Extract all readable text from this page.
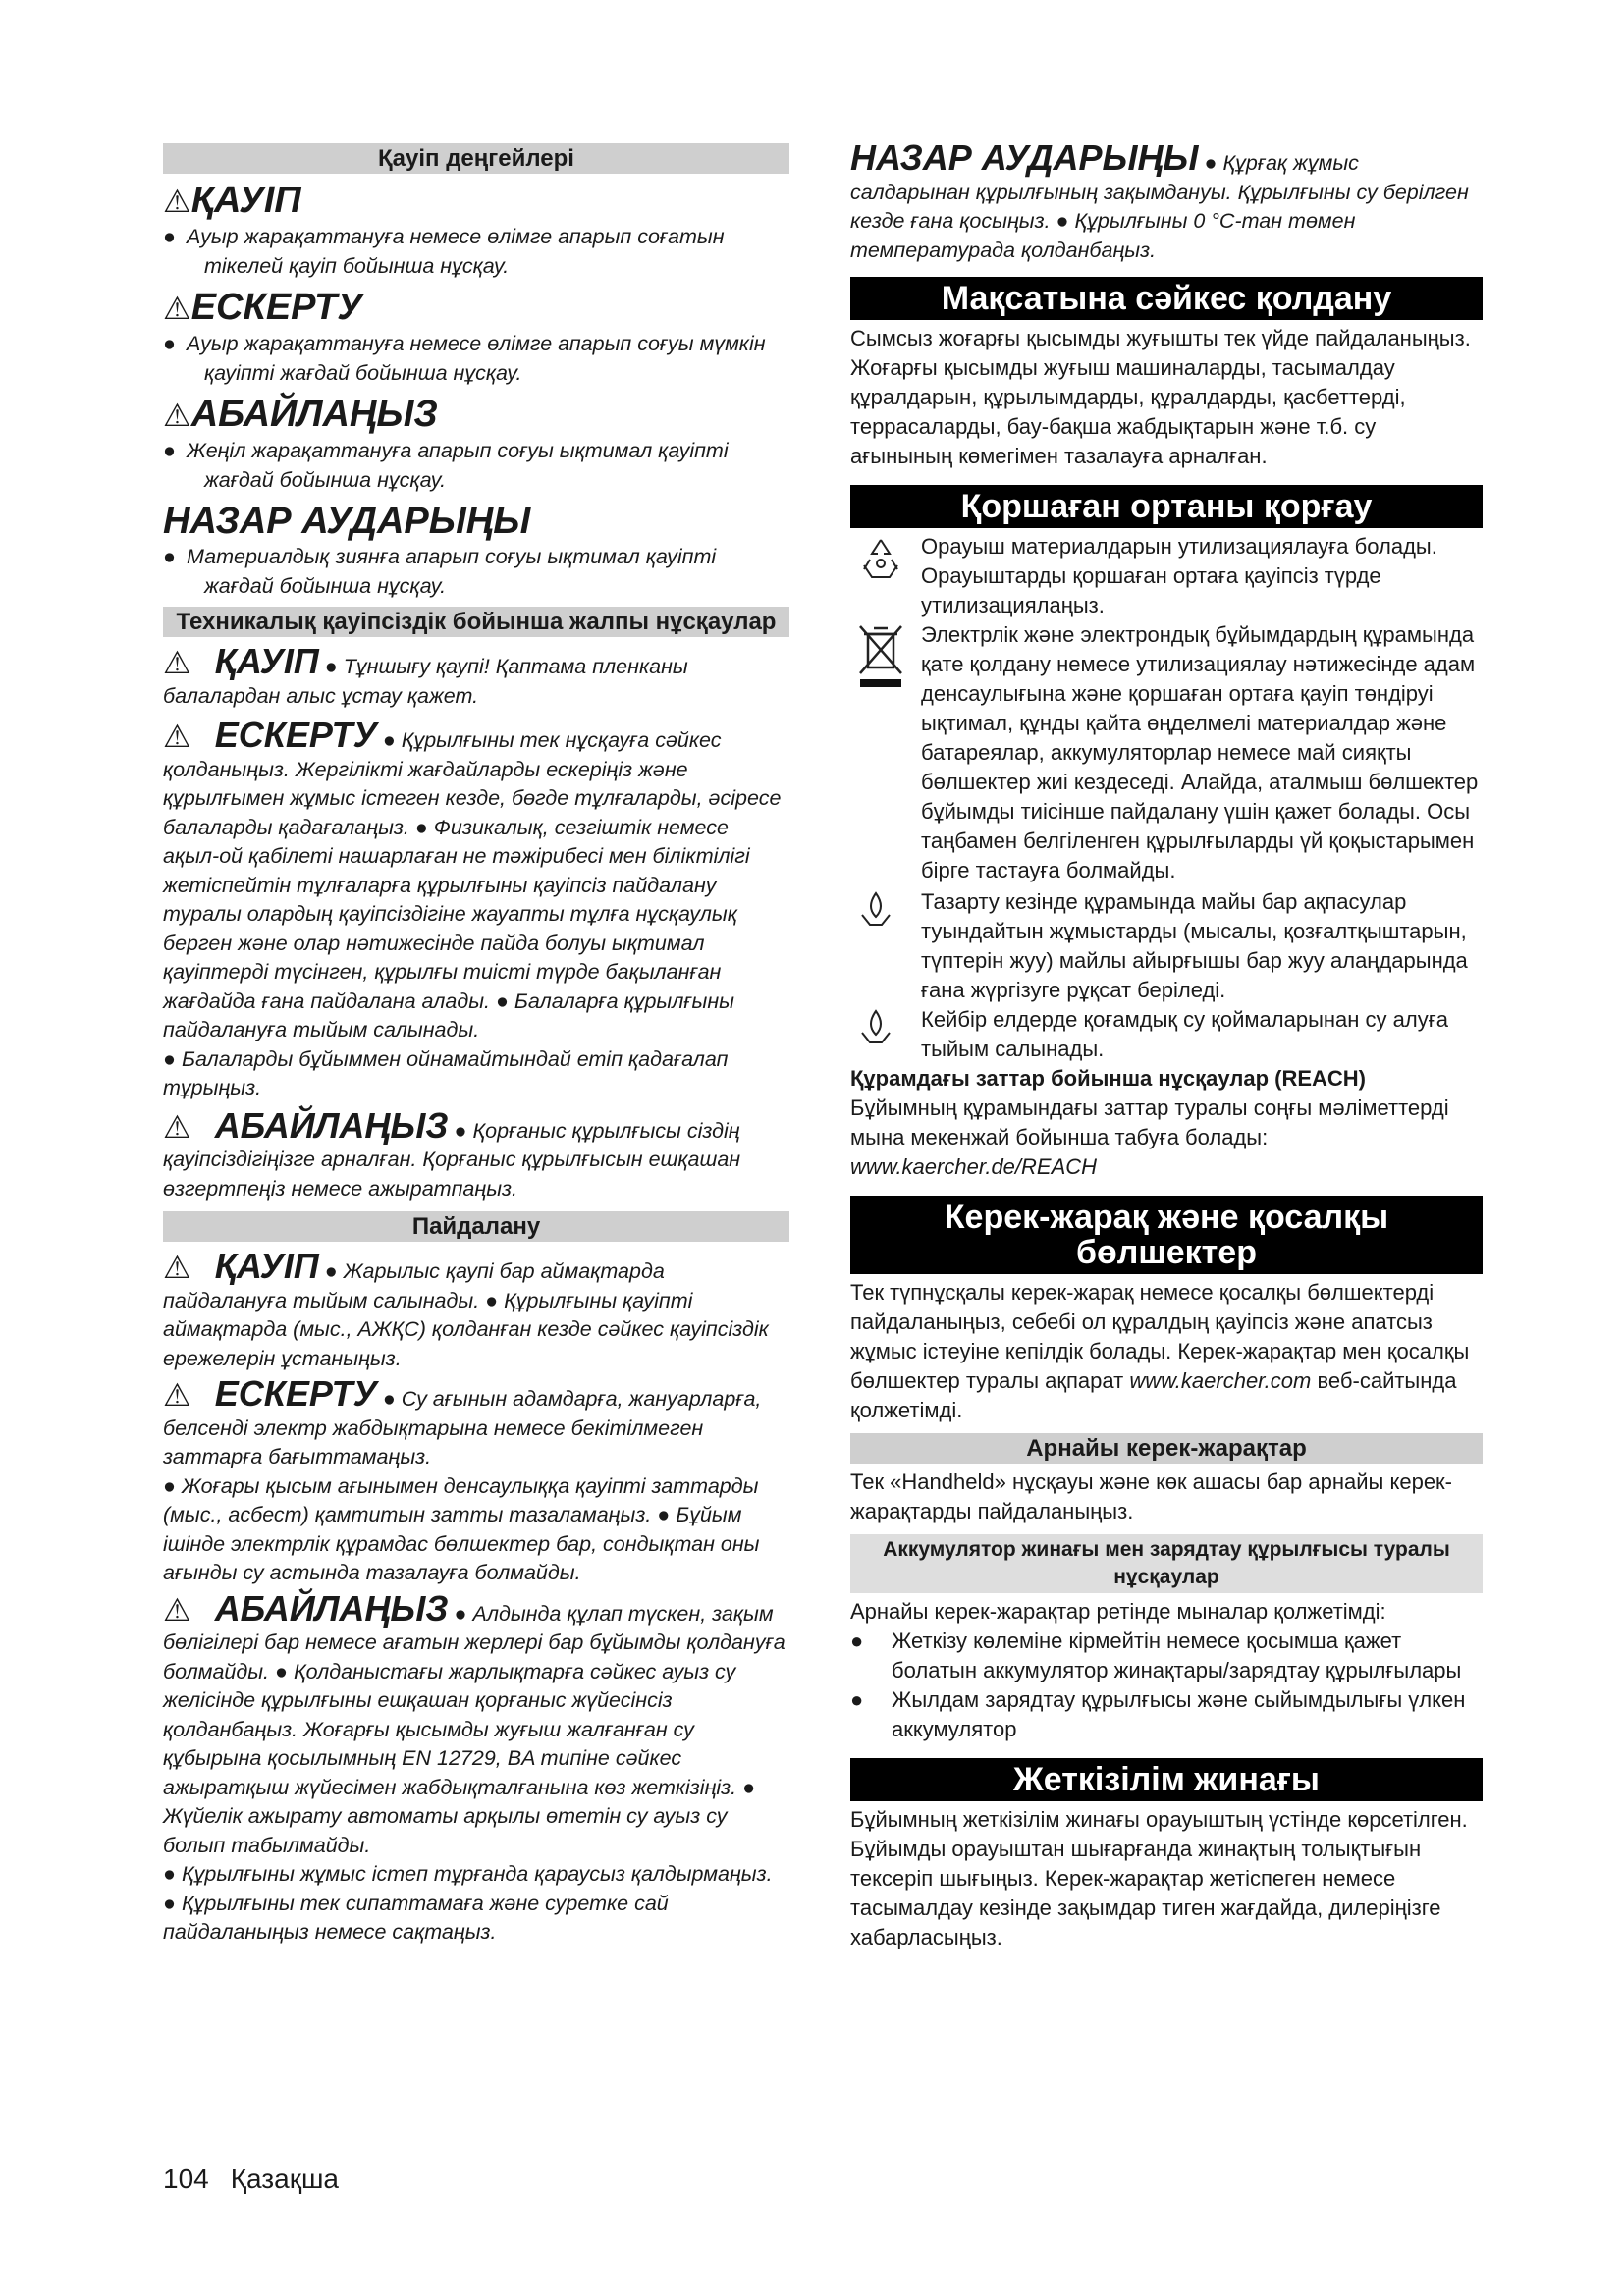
Қауіп деңгейлері
⚠ҚАУІП

● Ауыр жарақаттануға немесе өлімге апарып соғатын тікелей қауіп бойынша нұсқау.

⚠ЕСКЕРТУ

● Ауыр жарақаттануға немесе өлімге апарып соғуы мүмкін қауіпті жағдай бойынша нұсқау.

⚠АБАЙЛАҢЫЗ

● Жеңіл жарақаттануға апарып соғуы ықтимал қауіпті жағдай бойынша нұсқау.

НАЗАР АУДАРЫҢЫ

● Материалдық зиянға апарып соғуы ықтимал қауіпті жағдай бойынша нұсқау.

Техникалық қауіпсіздік бойынша жалпы нұсқаулар

⚠ ҚАУІП ● Тұншығу қаупі! Қаптама пленканы балалардан алыс ұстау қажет.

⚠ ЕСКЕРТУ ● Құрылғыны тек нұсқауға сәйкес қолданыңыз. Жергілікті жағдайларды ескеріңіз және құрылғымен жұмыс істеген кезде, бөгде тұлғаларды, әсіресе балаларды қадағалаңыз. ● Физикалық, сезгіштік немесе ақыл-ой қабілеті нашарлаған не тәжірибесі мен біліктілігі жетіспейтін тұлғаларға құрылғыны қауіпсіз пайдалану туралы олардың қауіпсіздігіне жауапты тұлға нұсқаулық берген және олар нәтижесінде пайда болуы ықтимал қауіптерді түсінген, құрылғы тиісті түрде бақыланған жағдайда ғана пайдалана алады. ● Балаларға құрылғыны пайдалануға тыйым салынады.

● Балаларды бұйыммен ойнамайтындай етіп қадағалап тұрыңыз.

⚠ АБАЙЛАҢЫЗ ● Қорғаныс құрылғысы сіздің қауіпсіздігіңізге арналған. Қорғаныс құрылғысын ешқашан өзгертпеңіз немесе ажыратпаңыз.

Пайдалану

⚠ ҚАУІП ● Жарылыс қаупі бар аймақтарда пайдалануға тыйым салынады. ● Құрылғыны қауіпті аймақтарда (мыс., АЖҚС) қолданған кезде сәйкес қауіпсіздік ережелерін ұстаныңыз.

⚠ ЕСКЕРТУ ● Су ағынын адамдарға, жануарларға, белсенді электр жабдықтарына немесе бекітілмеген заттарға бағыттамаңыз.

● Жоғары қысым ағынымен денсаулыққа қауіпті заттарды (мыс., асбест) қамтитын затты тазаламаңыз. ● Бұйым ішінде электрлік құрамдас бөлшектер бар, сондықтан оны ағынды су астында тазалауға болмайды.

⚠ АБАЙЛАҢЫЗ ● Алдында құлап түскен, зақым бөлігілері бар немесе ағатын жерлері бар бұйымды қолдануға болмайды. ● Қолданыстағы жарлықтарға сәйкес ауыз су желісінде құрылғыны ешқашан қорғаныс жүйесінсіз қолданбаңыз. Жоғарғы қысымды жуғыш жалғанған су құбырына қосылымның EN 12729, BA типіне сәйкес ажыратқыш жүйесімен жабдықталғанына көз жеткізіңіз. ● Жүйелік ажырату автоматы арқылы өтетін су ауыз су болып табылмайды.

● Құрылғыны жұмыс істеп тұрғанда қараусыз қалдырмаңыз. ● Құрылғыны тек сипаттамаға және суретке сай пайдаланыңыз немесе сақтаңыз.

НАЗАР АУДАРЫҢЫ ● Құрғақ жұмыс салдарынан құрылғының зақымдануы. Құрылғыны су берілген кезде ғана қосыңыз. ● Құрылғыны 0 °C-тан төмен температурада қолданбаңыз.

Мақсатына сәйкес қолдану

Сымсыз жоғарғы қысымды жуғышты тек үйде пайдаланыңыз.

Жоғарғы қысымды жуғыш машиналарды, тасымалдау құралдарын, құрылымдарды, құралдарды, қасбеттерді, террасаларды, бау-бақша жабдықтарын және т.б. су ағынының көмегімен тазалауға арналған.

Қоршаған ортаны қорғау

Орауыш материалдарын утилизациялауға болады. Орауыштарды қоршаған ортаға қауіпсіз түрде утилизациялаңыз.

Электрлік және электрондық бұйымдардың құрамында қате қолдану немесе утилизациялау нәтижесінде адам денсаулығына және қоршаған ортаға қауіп төндіруі ықтимал, құнды қайта өңделмелі материалдар және батареялар, аккумуляторлар немесе май сияқты бөлшектер жиі кездеседі. Алайда, аталмыш бөлшектер бұйымды тиісінше пайдалану үшін қажет болады. Осы таңбамен белгіленген құрылғыларды үй қоқыстарымен бірге тастауға болмайды.

Тазарту кезінде құрамында майы бар ақпасулар туындайтын жұмыстарды (мысалы, қозғалтқыштарын, түптерін жуу) майлы айырғышы бар жуу алаңдарында ғана жүргізуге рұқсат беріледі.

Кейбір елдерде қоғамдық су қоймаларынан су алуға тыйым салынады.

Құрамдағы заттар бойынша нұсқаулар (REACH)

Бұйымның құрамындағы заттар туралы соңғы мәліметтерді мына мекенжай бойынша табуға болады: www.kaercher.de/REACH

Керек-жарақ және қосалқы бөлшектер

Тек түпнұсқалы керек-жарақ немесе қосалқы бөлшектерді пайдаланыңыз, себебі ол құралдың қауіпсіз және апатсыз жұмыс істеуіне кепілдік болады. Керек-жарақтар мен қосалқы бөлшектер туралы ақпарат www.kaercher.com веб-сайтында қолжетімді.

Арнайы керек-жарақтар

Тек «Handheld» нұсқауы және көк ашасы бар арнайы керек-жарақтарды пайдаланыңыз.

Аккумулятор жинағы мен зарядтау құрылғысы туралы нұсқаулар

Арнайы керек-жарақтар ретінде мыналар қолжетімді:

● Жеткізу көлеміне кірмейтін немесе қосымша қажет болатын аккумулятор жинақтары/зарядтау құрылғылары
● Жылдам зарядтау құрылғысы және сыйымдылығы үлкен аккумулятор
Жеткізілім жинағы

Бұйымның жеткізілім жинағы орауыштың үстінде көрсетілген. Бұйымды орауыштан шығарғанда жинақтың толықтығын тексеріп шығыңыз. Керек-жарақтар жетіспеген немесе тасымалдау кезінде зақымдар тиген жағдайда, дилеріңізге хабарласыңыз.

104 Қазақша
